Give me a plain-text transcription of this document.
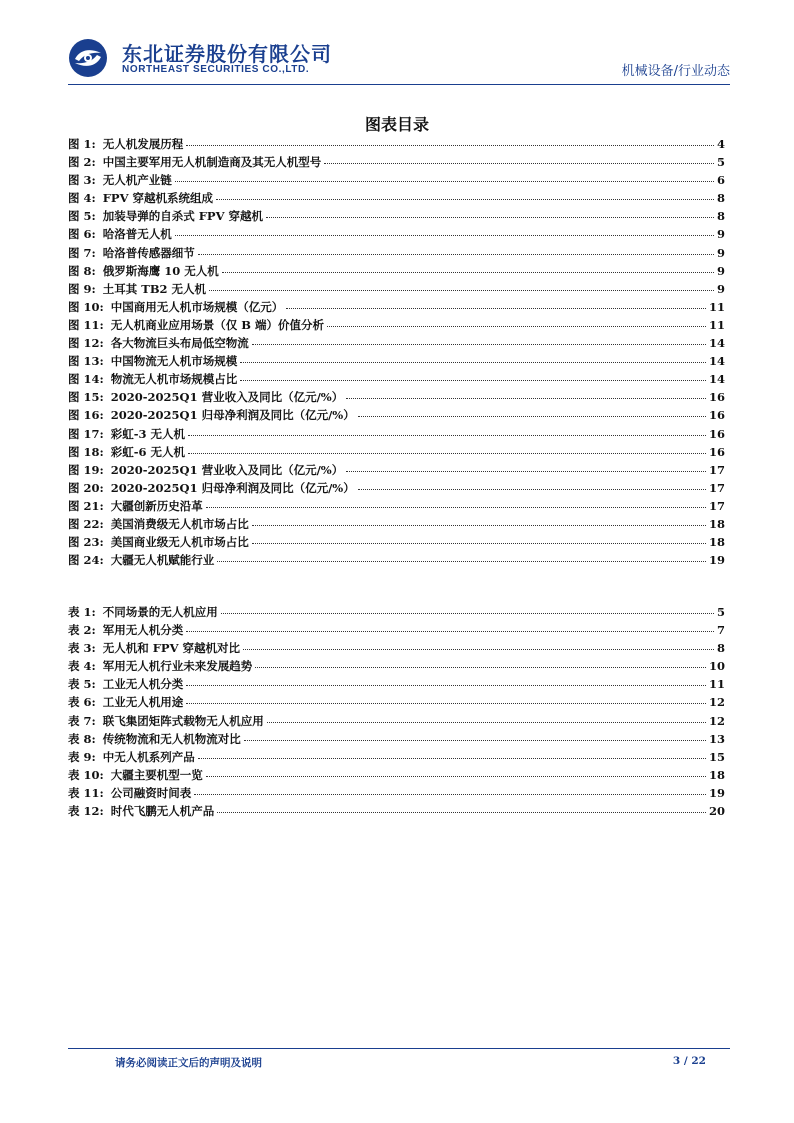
东北证券股份有限公司
NORTHEAST SECURITIES CO.,LTD.	机械设备/行业动态
图表目录
图 1: 无人机发展历程	4
图 2: 中国主要军用无人机制造商及其无人机型号	5
图 3: 无人机产业链	6
图 4: FPV 穿越机系统组成	8
图 5: 加装导弹的自杀式 FPV 穿越机	8
图 6: 哈洛普无人机	9
图 7: 哈洛普传感器细节	9
图 8: 俄罗斯海鹰 10 无人机	9
图 9: 土耳其 TB2 无人机	9
图 10: 中国商用无人机市场规模（亿元）	11
图 11: 无人机商业应用场景（仅 B 端）价值分析	11
图 12: 各大物流巨头布局低空物流	14
图 13: 中国物流无人机市场规模	14
图 14: 物流无人机市场规模占比	14
图 15: 2020-2025Q1 营业收入及同比（亿元/%）	16
图 16: 2020-2025Q1 归母净利润及同比（亿元/%）	16
图 17: 彩虹-3 无人机	16
图 18: 彩虹-6 无人机	16
图 19: 2020-2025Q1 营业收入及同比（亿元/%）	17
图 20: 2020-2025Q1 归母净利润及同比（亿元/%）	17
图 21: 大疆创新历史沿革	17
图 22: 美国消费级无人机市场占比	18
图 23: 美国商业级无人机市场占比	18
图 24: 大疆无人机赋能行业	19
表 1: 不同场景的无人机应用	5
表 2: 军用无人机分类	7
表 3: 无人机和 FPV 穿越机对比	8
表 4: 军用无人机行业未来发展趋势	10
表 5: 工业无人机分类	11
表 6: 工业无人机用途	12
表 7: 联飞集团矩阵式载物无人机应用	12
表 8: 传统物流和无人机物流对比	13
表 9: 中无人机系列产品	15
表 10: 大疆主要机型一览	18
表 11: 公司融资时间表	19
表 12: 时代飞鹏无人机产品	20
请务必阅读正文后的声明及说明	3 / 22
